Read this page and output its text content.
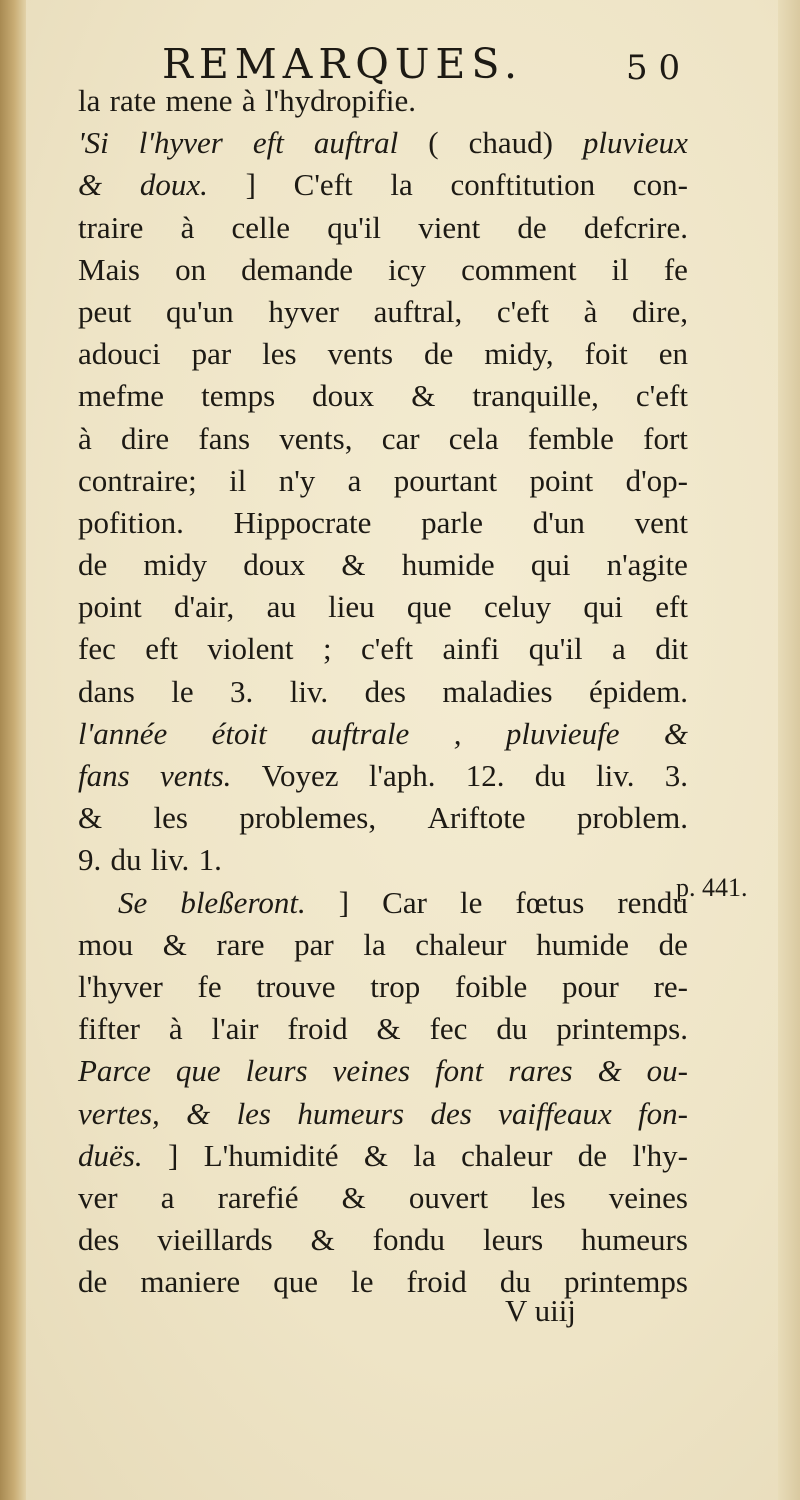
REMARQUES.	5 0
la rate mene à l'hydropifie.
'Si l'hyver eft auftral ( chaud) pluvieux
& doux. ] C'eft la conftitution con-
traire à celle qu'il vient de defcrire.
Mais on demande icy comment il fe
peut qu'un hyver auftral, c'eft à dire,
adouci par les vents de midy, foit en
mefme temps doux & tranquille, c'eft
à dire fans vents, car cela femble fort
contraire; il n'y a pourtant point d'op-
pofition. Hippocrate parle d'un vent
de midy doux & humide qui n'agite
point d'air, au lieu que celuy qui eft
fec eft violent ; c'eft ainfi qu'il a dit
dans le 3. liv. des maladies épidem.
l'année étoit auftrale , pluvieufe &
fans vents. Voyez l'aph. 12. du liv. 3.
& les problemes, Ariftote problem.
9. du liv. 1.
Se bleßeront. ] Car le fœtus rendu
mou & rare par la chaleur humide de
l'hyver fe trouve trop foible pour re-
fifter à l'air froid & fec du printemps.
Parce que leurs veines font rares & ou-
vertes, & les humeurs des vaiffeaux fon-
duës. ] L'humidité & la chaleur de l'hy-
ver a rarefié & ouvert les veines
des vieillards & fondu leurs humeurs
de maniere que le froid du printemps
p. 441.
V uiij
